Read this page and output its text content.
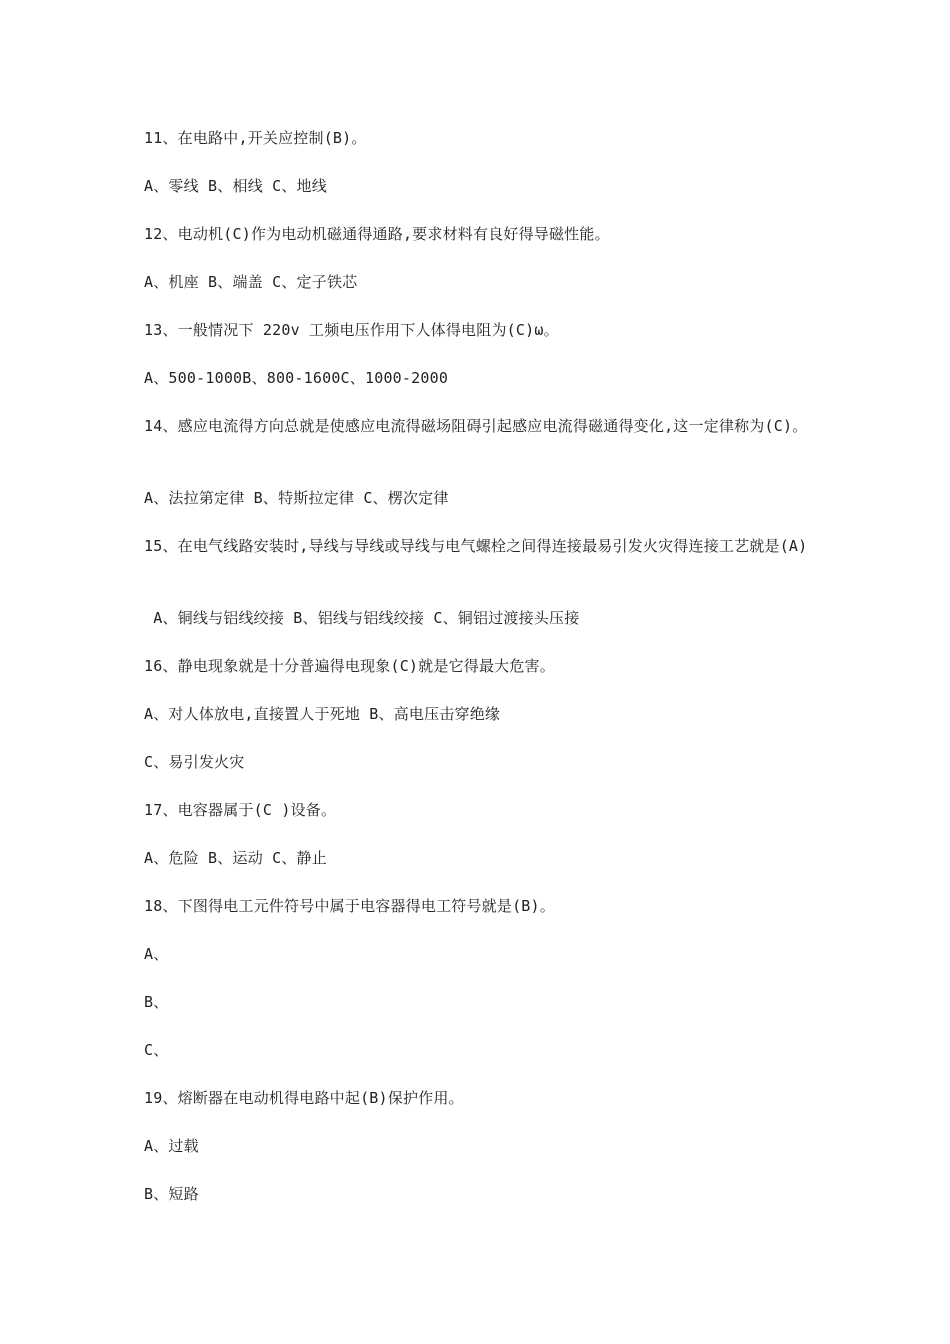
11、在电路中,开关应控制(B)。
A、零线 B、相线 C、地线
12、电动机(C)作为电动机磁通得通路,要求材料有良好得导磁性能。
A、机座 B、端盖 C、定子铁芯
13、一般情况下 220v 工频电压作用下人体得电阻为(C)ω。
A、500-1000B、800-1600C、1000-2000
14、感应电流得方向总就是使感应电流得磁场阻碍引起感应电流得磁通得变化,这一定律称为(C)。
A、法拉第定律 B、特斯拉定律 C、楞次定律
15、在电气线路安装时,导线与导线或导线与电气螺栓之间得连接最易引发火灾得连接工艺就是(A)
A、铜线与铝线绞接 B、铝线与铝线绞接 C、铜铝过渡接头压接
16、静电现象就是十分普遍得电现象(C)就是它得最大危害。
A、对人体放电,直接置人于死地 B、高电压击穿绝缘
C、易引发火灾
17、电容器属于(C )设备。
A、危险 B、运动 C、静止
18、下图得电工元件符号中属于电容器得电工符号就是(B)。
A、
B、
C、
19、熔断器在电动机得电路中起(B)保护作用。
A、过载
B、短路
